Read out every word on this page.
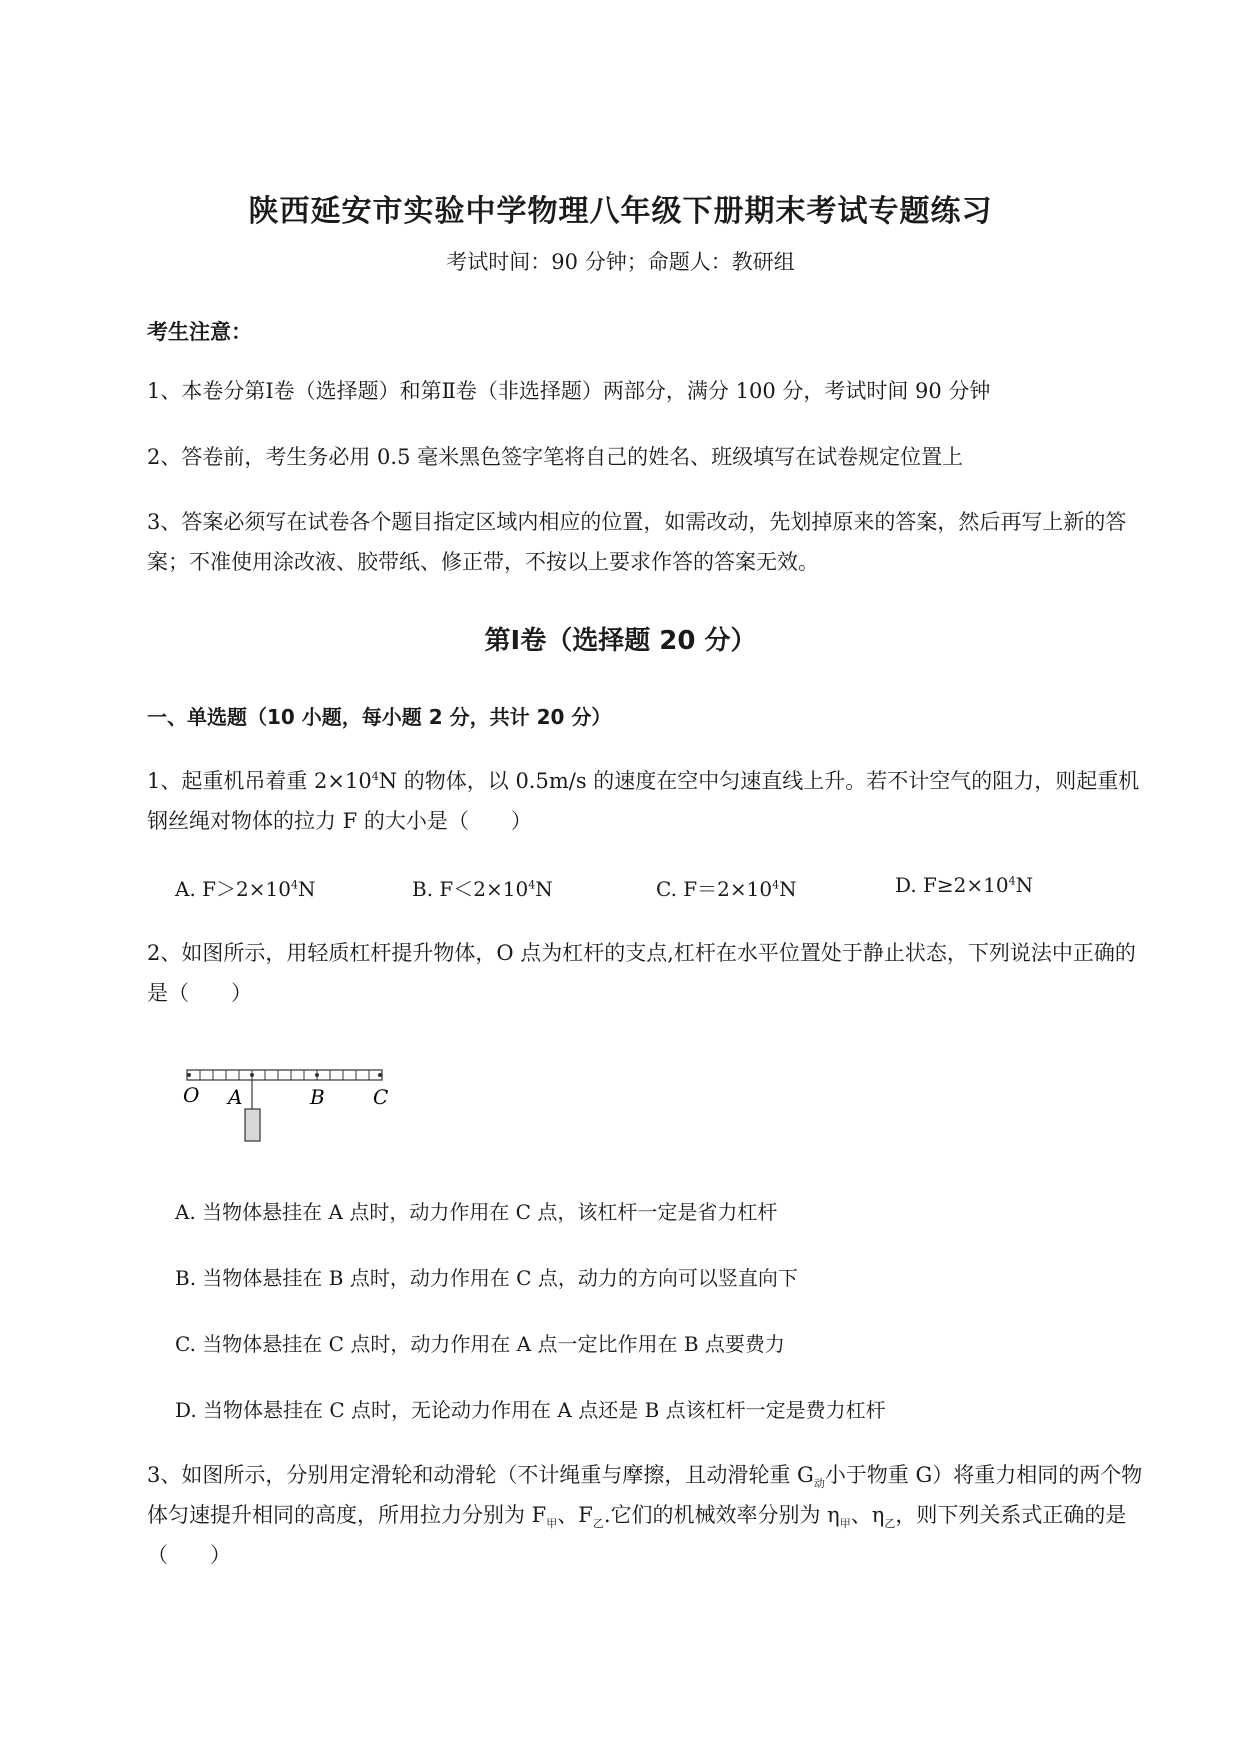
陕西延安市实验中学物理八年级下册期末考试专题练习
考试时间：90 分钟；命题人：教研组
考生注意：
1、本卷分第Ⅰ卷（选择题）和第Ⅱ卷（非选择题）两部分，满分 100 分，考试时间 90 分钟
2、答卷前，考生务必用 0.5 毫米黑色签字笔将自己的姓名、班级填写在试卷规定位置上
3、答案必须写在试卷各个题目指定区域内相应的位置，如需改动，先划掉原来的答案，然后再写上新的答案；不准使用涂改液、胶带纸、修正带，不按以上要求作答的答案无效。
第Ⅰ卷（选择题 20 分）
一、单选题（10 小题，每小题 2 分，共计 20 分）
1、起重机吊着重 $2\times 10^4N$ 的物体，以 0.5m/s 的速度在空中匀速直线上升。若不计空气的阻力，则起重机钢丝绳对物体的拉力 F 的大小是（　　）
A. $F>2\times 10^4N$	B. $F<2\times 10^4N$	C. $F=2\times 10^4N$	D. $F\ge 2\times 10^4N$
2、如图所示，用轻质杠杆提升物体，O 点为杠杆的支点,杠杆在水平位置处于静止状态，下列说法中正确的是（　　）
O A	B C
A. 当物体悬挂在 A 点时，动力作用在 C 点，该杠杆一定是省力杠杆
B. 当物体悬挂在 B 点时，动力作用在 C 点，动力的方向可以竖直向下
C. 当物体悬挂在 C 点时，动力作用在 A 点一定比作用在 B 点要费力
D. 当物体悬挂在 C 点时，无论动力作用在 A 点还是 B 点该杠杆一定是费力杠杆
3、如图所示，分别用定滑轮和动滑轮（不计绳重与摩擦，且动滑轮重 $G_动$小于物重 G）将重力相同的两个物体匀速提升相同的高度，所用拉力分别为 $F_甲$、$F_乙$.它们的机械效率分别为 $\eta_甲$、$\eta_乙$，则下列关系式正确的是（　　）
